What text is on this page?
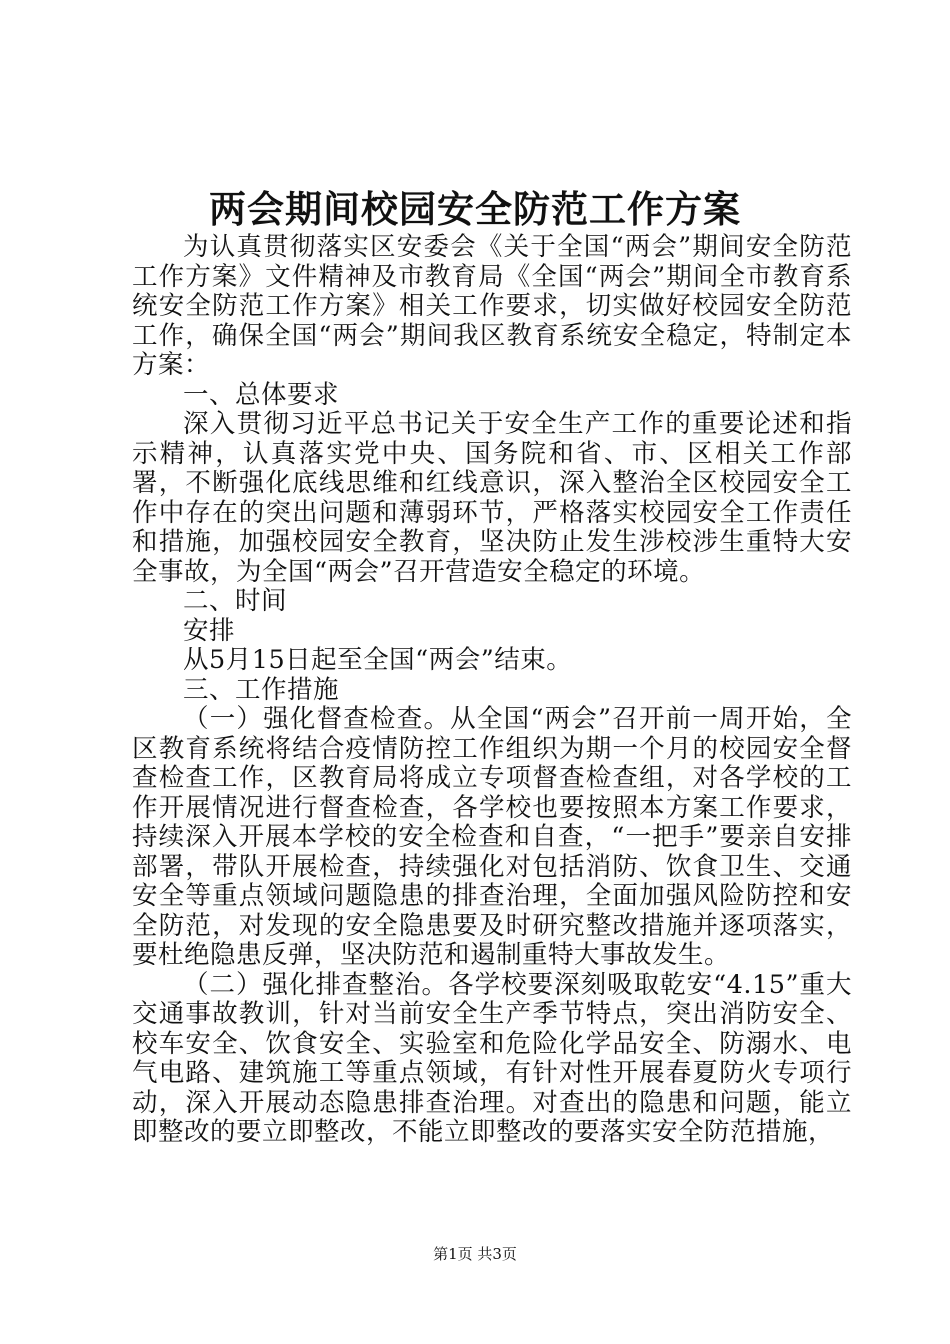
两会期间校园安全防范工作方案

为认真贯彻落实区安委会《关于全国“两会”期间安全防范工作方案》文件精神及市教育局《全国“两会”期间全市教育系统安全防范工作方案》相关工作要求，切实做好校园安全防范工作，确保全国“两会”期间我区教育系统安全稳定，特制定本方案：

一、总体要求

深入贯彻习近平总书记关于安全生产工作的重要论述和指示精神，认真落实党中央、国务院和省、市、区相关工作部署，不断强化底线思维和红线意识，深入整治全区校园安全工作中存在的突出问题和薄弱环节，严格落实校园安全工作责任和措施，加强校园安全教育，坚决防止发生涉校涉生重特大安全事故，为全国“两会”召开营造安全稳定的环境。

二、时间

安排

从5月15日起至全国“两会”结束。

三、工作措施

（一）强化督查检查。从全国“两会”召开前一周开始，全区教育系统将结合疫情防控工作组织为期一个月的校园安全督查检查工作，区教育局将成立专项督查检查组，对各学校的工作开展情况进行督查检查，各学校也要按照本方案工作要求，持续深入开展本学校的安全检查和自查，“一把手”要亲自安排部署，带队开展检查，持续强化对包括消防、饮食卫生、交通安全等重点领域问题隐患的排查治理，全面加强风险防控和安全防范，对发现的安全隐患要及时研究整改措施并逐项落实，要杜绝隐患反弹，坚决防范和遏制重特大事故发生。

（二）强化排查整治。各学校要深刻吸取乾安“4.15”重大交通事故教训，针对当前安全生产季节特点，突出消防安全、校车安全、饮食安全、实验室和危险化学品安全、防溺水、电气电路、建筑施工等重点领域，有针对性开展春夏防火专项行动，深入开展动态隐患排查治理。对查出的隐患和问题，能立即整改的要立即整改，不能立即整改的要落实安全防范措施，

第1页 共3页
